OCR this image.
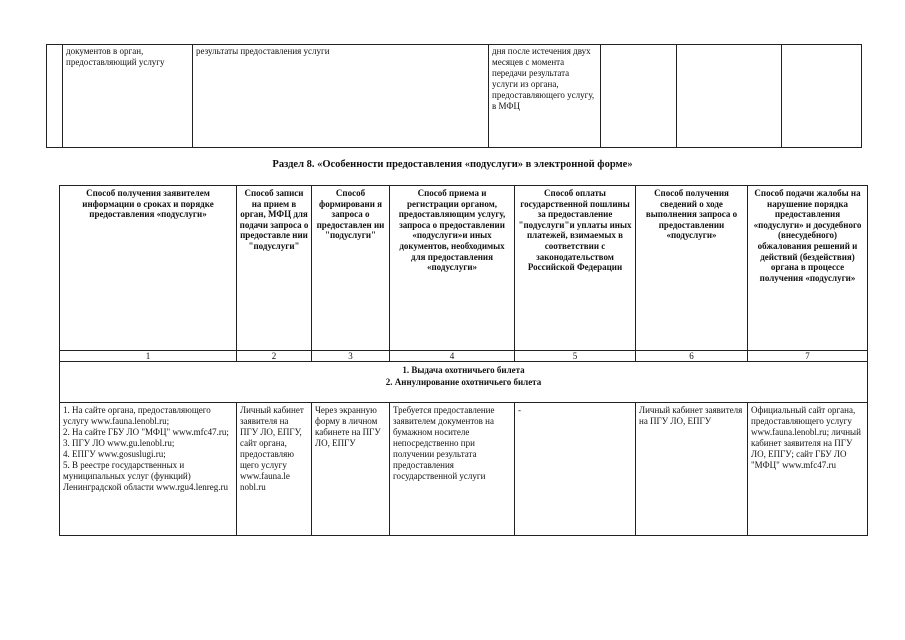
	документов в орган, предоставляющий услугу	результаты предоставления услуги	дня после истечения двух месяцев с момента передачи результата услуги из органа, предоставляющего услугу, в МФЦ			
Раздел 8. «Особенности предоставления «подуслуги» в электронной форме»
Способ получения заявителем информации о сроках и порядке предоставления «подуслуги»	Способ записи на прием в орган, МФЦ для подачи запроса о предоставле нии "подуслуги"	Способ формировани я запроса о предоставлен ии "подуслуги"	Способ приема и регистрации органом, предоставляющим услугу, запроса о предоставлении «подуслуги»и иных документов, необходимых для предоставления «подуслуги»	Способ оплаты государственной пошлины за предоставление "подуслуги"и уплаты иных платежей, взимаемых в соответствии с законодательством Российской Федерации	Способ получения сведений о ходе выполнения запроса о предоставлении «подуслуги»	Способ подачи жалобы на нарушение порядка предоставления «подуслуги» и досудебного (внесудебного) обжалования решений и действий (бездействия) органа в процессе получения «подуслуги»
1	2	3	4	5	6	7

1. Выдача охотничьего билета
2. Аннулирование охотничьего билета						

1. На сайте органа, предоставляющего услугу www.fauna.lenobl.ru;
2. На сайте ГБУ ЛО "МФЦ" www.mfc47.ru;
3. ПГУ ЛО www.gu.lenobl.ru;
4. ЕПГУ www.gosuslugi.ru;
5. В реестре государственных и муниципальных услуг (функций) Ленинградской области www.rgu4.lenreg.ru	Личный кабинет заявителя на ПГУ ЛО, ЕПГУ, сайт органа, предоставляю щего услугу www.fauna.le nobl.ru	Через экранную форму в личном кабинете на ПГУ ЛО, ЕПГУ	Требуется предоставление заявителем документов на бумажном носителе непосредственно при получении результата предоставления государственной услуги	-	Личный кабинет заявителя на ПГУ ЛО, ЕПГУ	Официальный сайт органа, предоставляющего услугу www.fauna.lenobl.ru; личный кабинет заявителя на ПГУ ЛО, ЕПГУ; сайт ГБУ ЛО "МФЦ" www.mfc47.ru
